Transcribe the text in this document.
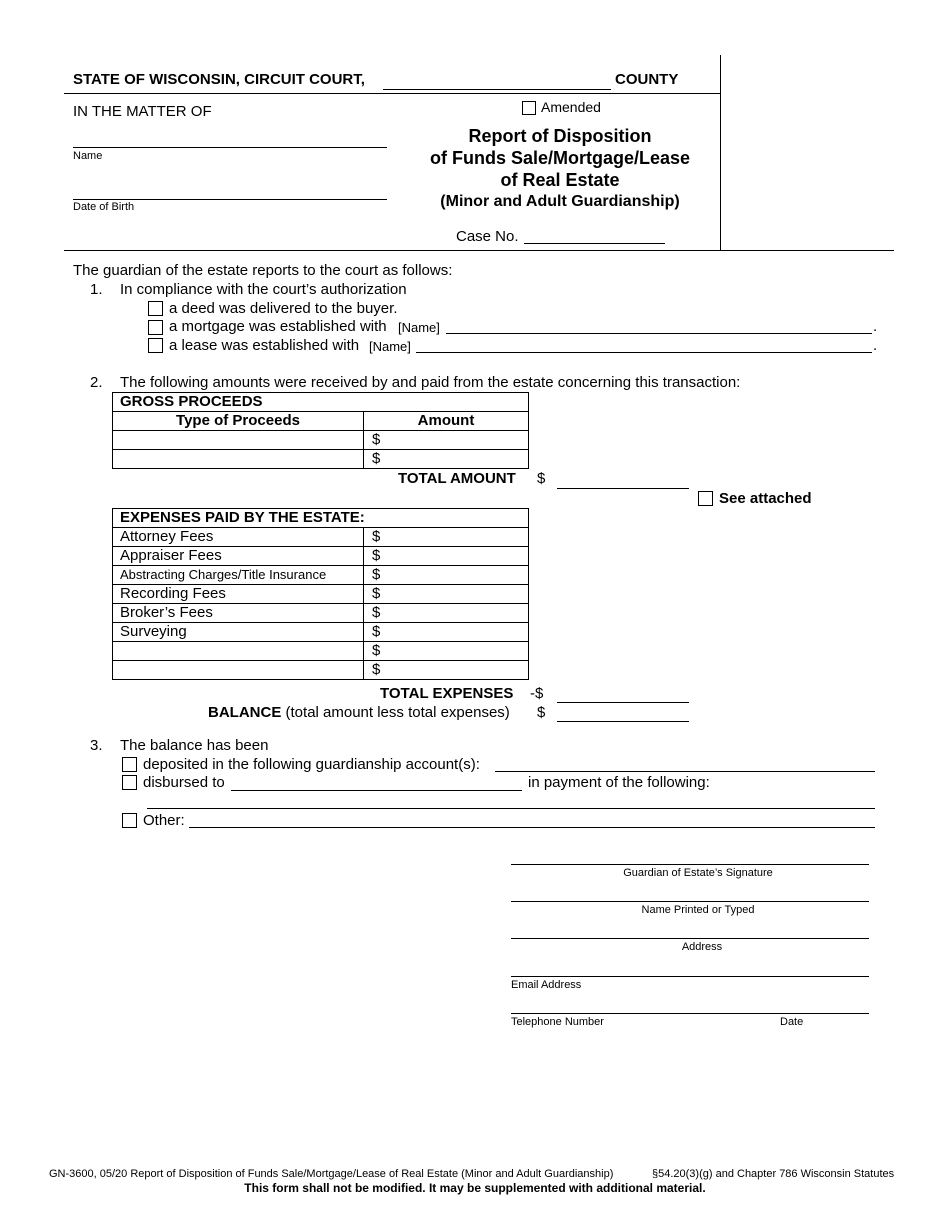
STATE OF WISCONSIN, CIRCUIT COURT,	COUNTY
IN THE MATTER OF
Name
Date of Birth
Amended
Report of Disposition
of Funds Sale/Mortgage/Lease
of Real Estate
(Minor and Adult Guardianship)
Case No.
The guardian of the estate reports to the court as follows:
1. In compliance with the court’s authorization
a deed was delivered to the buyer.
a mortgage was established with [Name]	.
a lease was established with [Name]	.
2. The following amounts were received by and paid from the estate concerning this transaction:
GROSS PROCEEDS	
Type of Proceeds	Amount
	$
	$
TOTAL AMOUNT $
See attached
EXPENSES PAID BY THE ESTATE:	
Attorney Fees	$
Appraiser Fees	$
Abstracting Charges/Title Insurance	$
Recording Fees	$
Broker’s Fees	$
Surveying	$
	$
	$
TOTAL EXPENSES -$
BALANCE (total amount less total expenses) $
3. The balance has been
deposited in the following guardianship account(s):
disbursed to	in payment of the following:
Other:
Guardian of Estate’s Signature
Name Printed or Typed
Address
Email Address
Telephone Number	Date
GN-3600, 05/20 Report of Disposition of Funds Sale/Mortgage/Lease of Real Estate (Minor and Adult Guardianship)	§54.20(3)(g) and Chapter 786 Wisconsin Statutes
This form shall not be modified. It may be supplemented with additional material.
